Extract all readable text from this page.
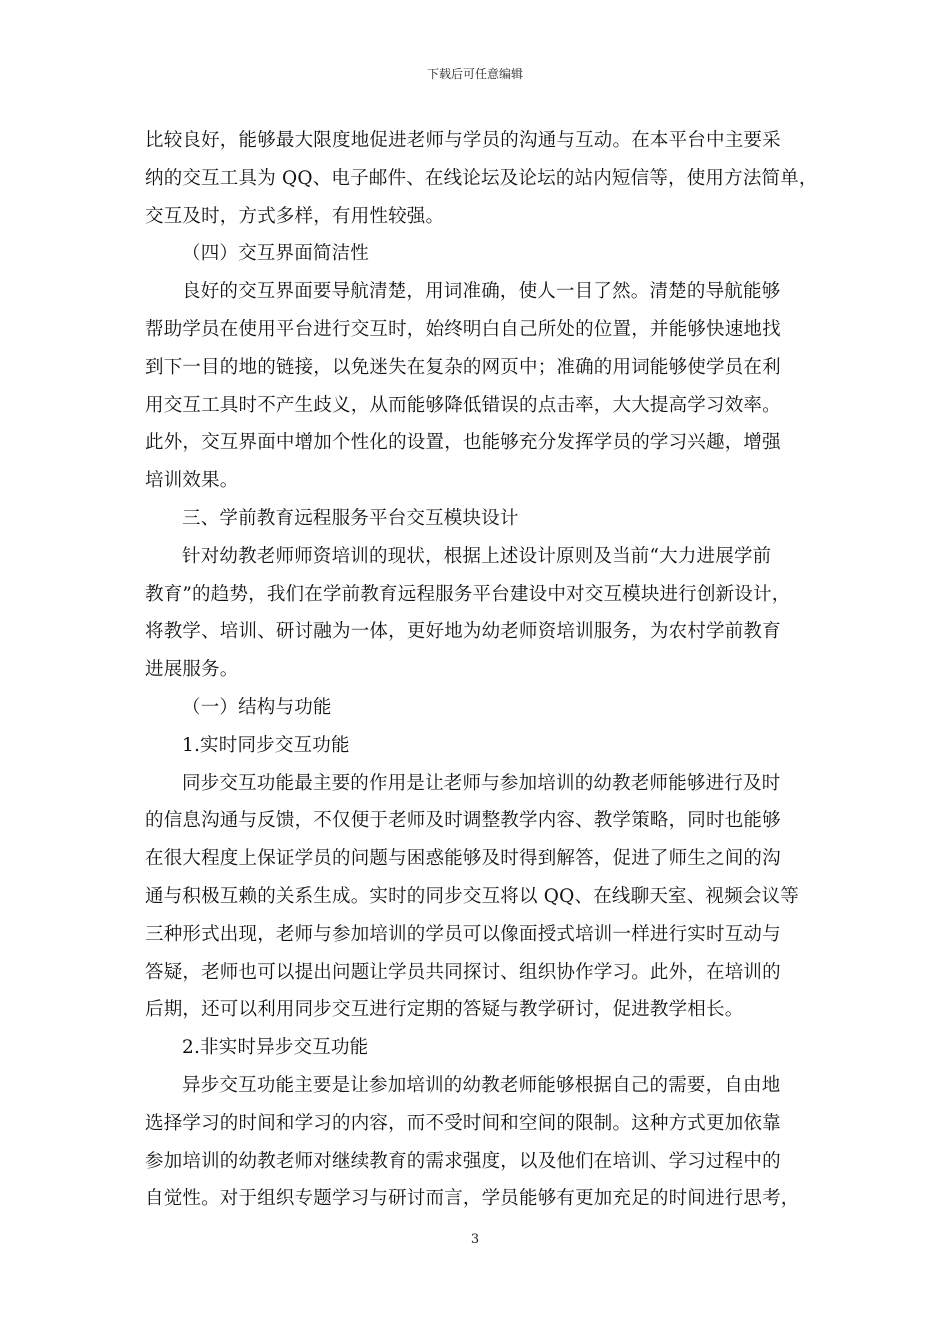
下载后可任意编辑
比较良好，能够最大限度地促进老师与学员的沟通与互动。在本平台中主要采
纳的交互工具为 QQ、电子邮件、在线论坛及论坛的站内短信等，使用方法简单，
交互及时，方式多样，有用性较强。
（四）交互界面简洁性
良好的交互界面要导航清楚，用词准确，使人一目了然。清楚的导航能够
帮助学员在使用平台进行交互时，始终明白自己所处的位置，并能够快速地找
到下一目的地的链接，以免迷失在复杂的网页中；准确的用词能够使学员在利
用交互工具时不产生歧义，从而能够降低错误的点击率，大大提高学习效率。
此外，交互界面中增加个性化的设置，也能够充分发挥学员的学习兴趣，增强
培训效果。
三、学前教育远程服务平台交互模块设计
针对幼教老师师资培训的现状，根据上述设计原则及当前“大力进展学前
教育”的趋势，我们在学前教育远程服务平台建设中对交互模块进行创新设计，
将教学、培训、研讨融为一体，更好地为幼老师资培训服务，为农村学前教育
进展服务。
（一）结构与功能
1.实时同步交互功能
同步交互功能最主要的作用是让老师与参加培训的幼教老师能够进行及时
的信息沟通与反馈，不仅便于老师及时调整教学内容、教学策略，同时也能够
在很大程度上保证学员的问题与困惑能够及时得到解答，促进了师生之间的沟
通与积极互赖的关系生成。实时的同步交互将以 QQ、在线聊天室、视频会议等
三种形式出现，老师与参加培训的学员可以像面授式培训一样进行实时互动与
答疑，老师也可以提出问题让学员共同探讨、组织协作学习。此外，在培训的
后期，还可以利用同步交互进行定期的答疑与教学研讨，促进教学相长。
2.非实时异步交互功能
异步交互功能主要是让参加培训的幼教老师能够根据自己的需要，自由地
选择学习的时间和学习的内容，而不受时间和空间的限制。这种方式更加依靠
参加培训的幼教老师对继续教育的需求强度，以及他们在培训、学习过程中的
自觉性。对于组织专题学习与研讨而言，学员能够有更加充足的时间进行思考，
3
